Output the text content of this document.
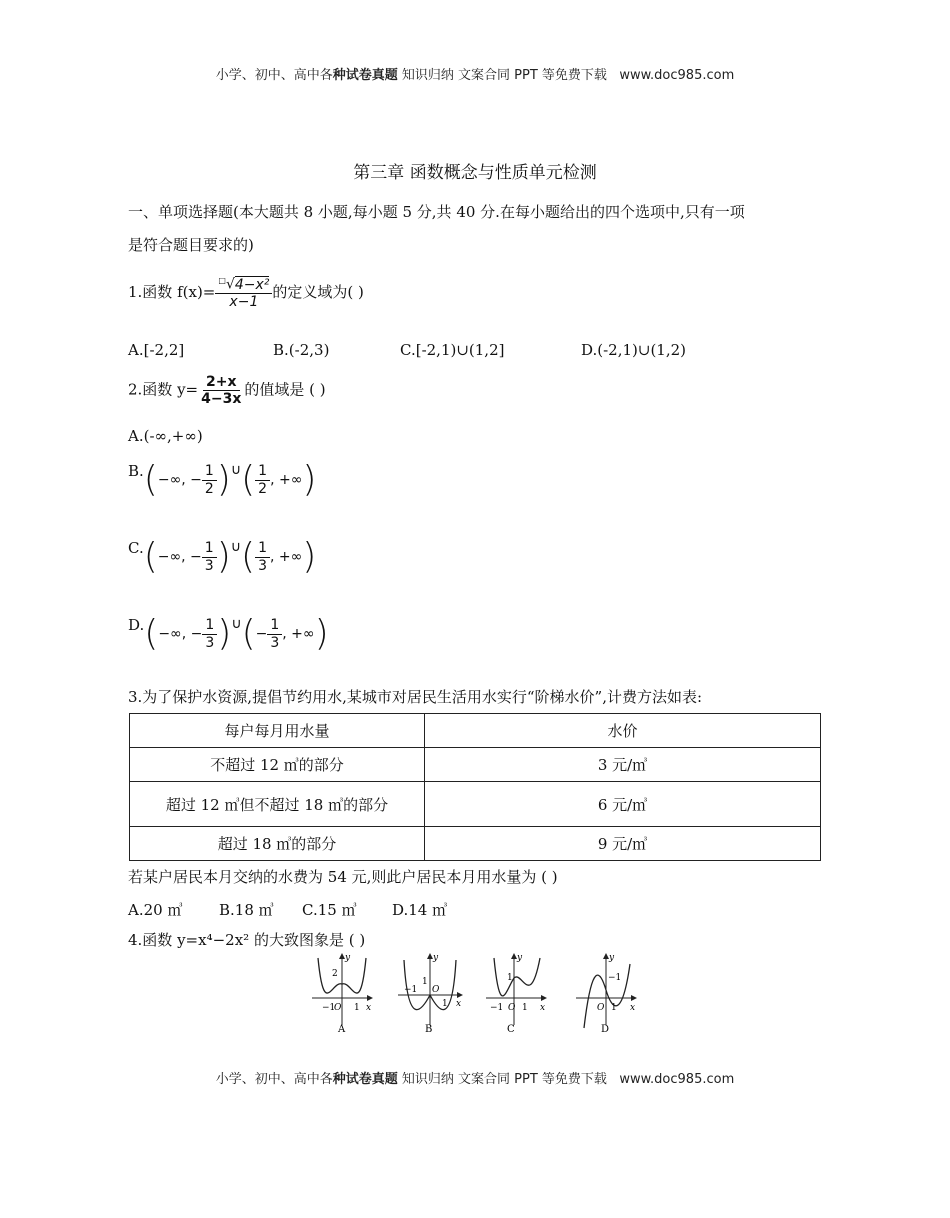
小学、初中、高中各种试卷真题 知识归纳 文案合同 PPT 等免费下载 www.doc985.com
第三章 函数概念与性质单元检测
一、单项选择题(本大题共 8 小题,每小题 5 分,共 40 分.在每小题给出的四个选项中,只有一项
是符合题目要求的)
1.函数 $f(x)= \frac{^□√4-x^2}{x-1}$ 的定义域为( )
A.[-2,2]	B.(-2,3)	C.[-2,1)∪(1,2]	D.(-2,1)∪(1,2)
2.函数 $y= \frac{2+x}{4-3x}$ 的值域是 ( )
A.(-∞,+∞)
B.(−∞, − $\frac{1}{2}$ )∪( $\frac{1}{2}$ , +∞)
C.(−∞, − $\frac{1}{3}$ )∪( $\frac{1}{3}$ , +∞)
D.(−∞, − $\frac{1}{3}$ )∪(− $\frac{1}{3}$ , +∞)
3.为了保护水资源,提倡节约用水,某城市对居民生活用水实行“阶梯水价”,计费方法如表:
每户每月用水量	水价
不超过 12 ㎥的部分	3 元/㎥
超过 12 ㎥但不超过 18 ㎥的部分	6 元/㎥
超过 18 ㎥的部分	9 元/㎥
若某户居民本月交纳的水费为 54 元,则此户居民本月用水量为 ( )
A.20 ㎥ B.18 ㎥ C.15 ㎥ D.14 ㎥
4.函数 y=x⁴−2x² 的大致图象是 ( )
2
−1
O 1 x
y
A
−1
1
O
1 x
y
B
1
−1 O 1 x
y
C
−1
O 1 x
y
D
小学、初中、高中各种试卷真题 知识归纳 文案合同 PPT 等免费下载 www.doc985.com
